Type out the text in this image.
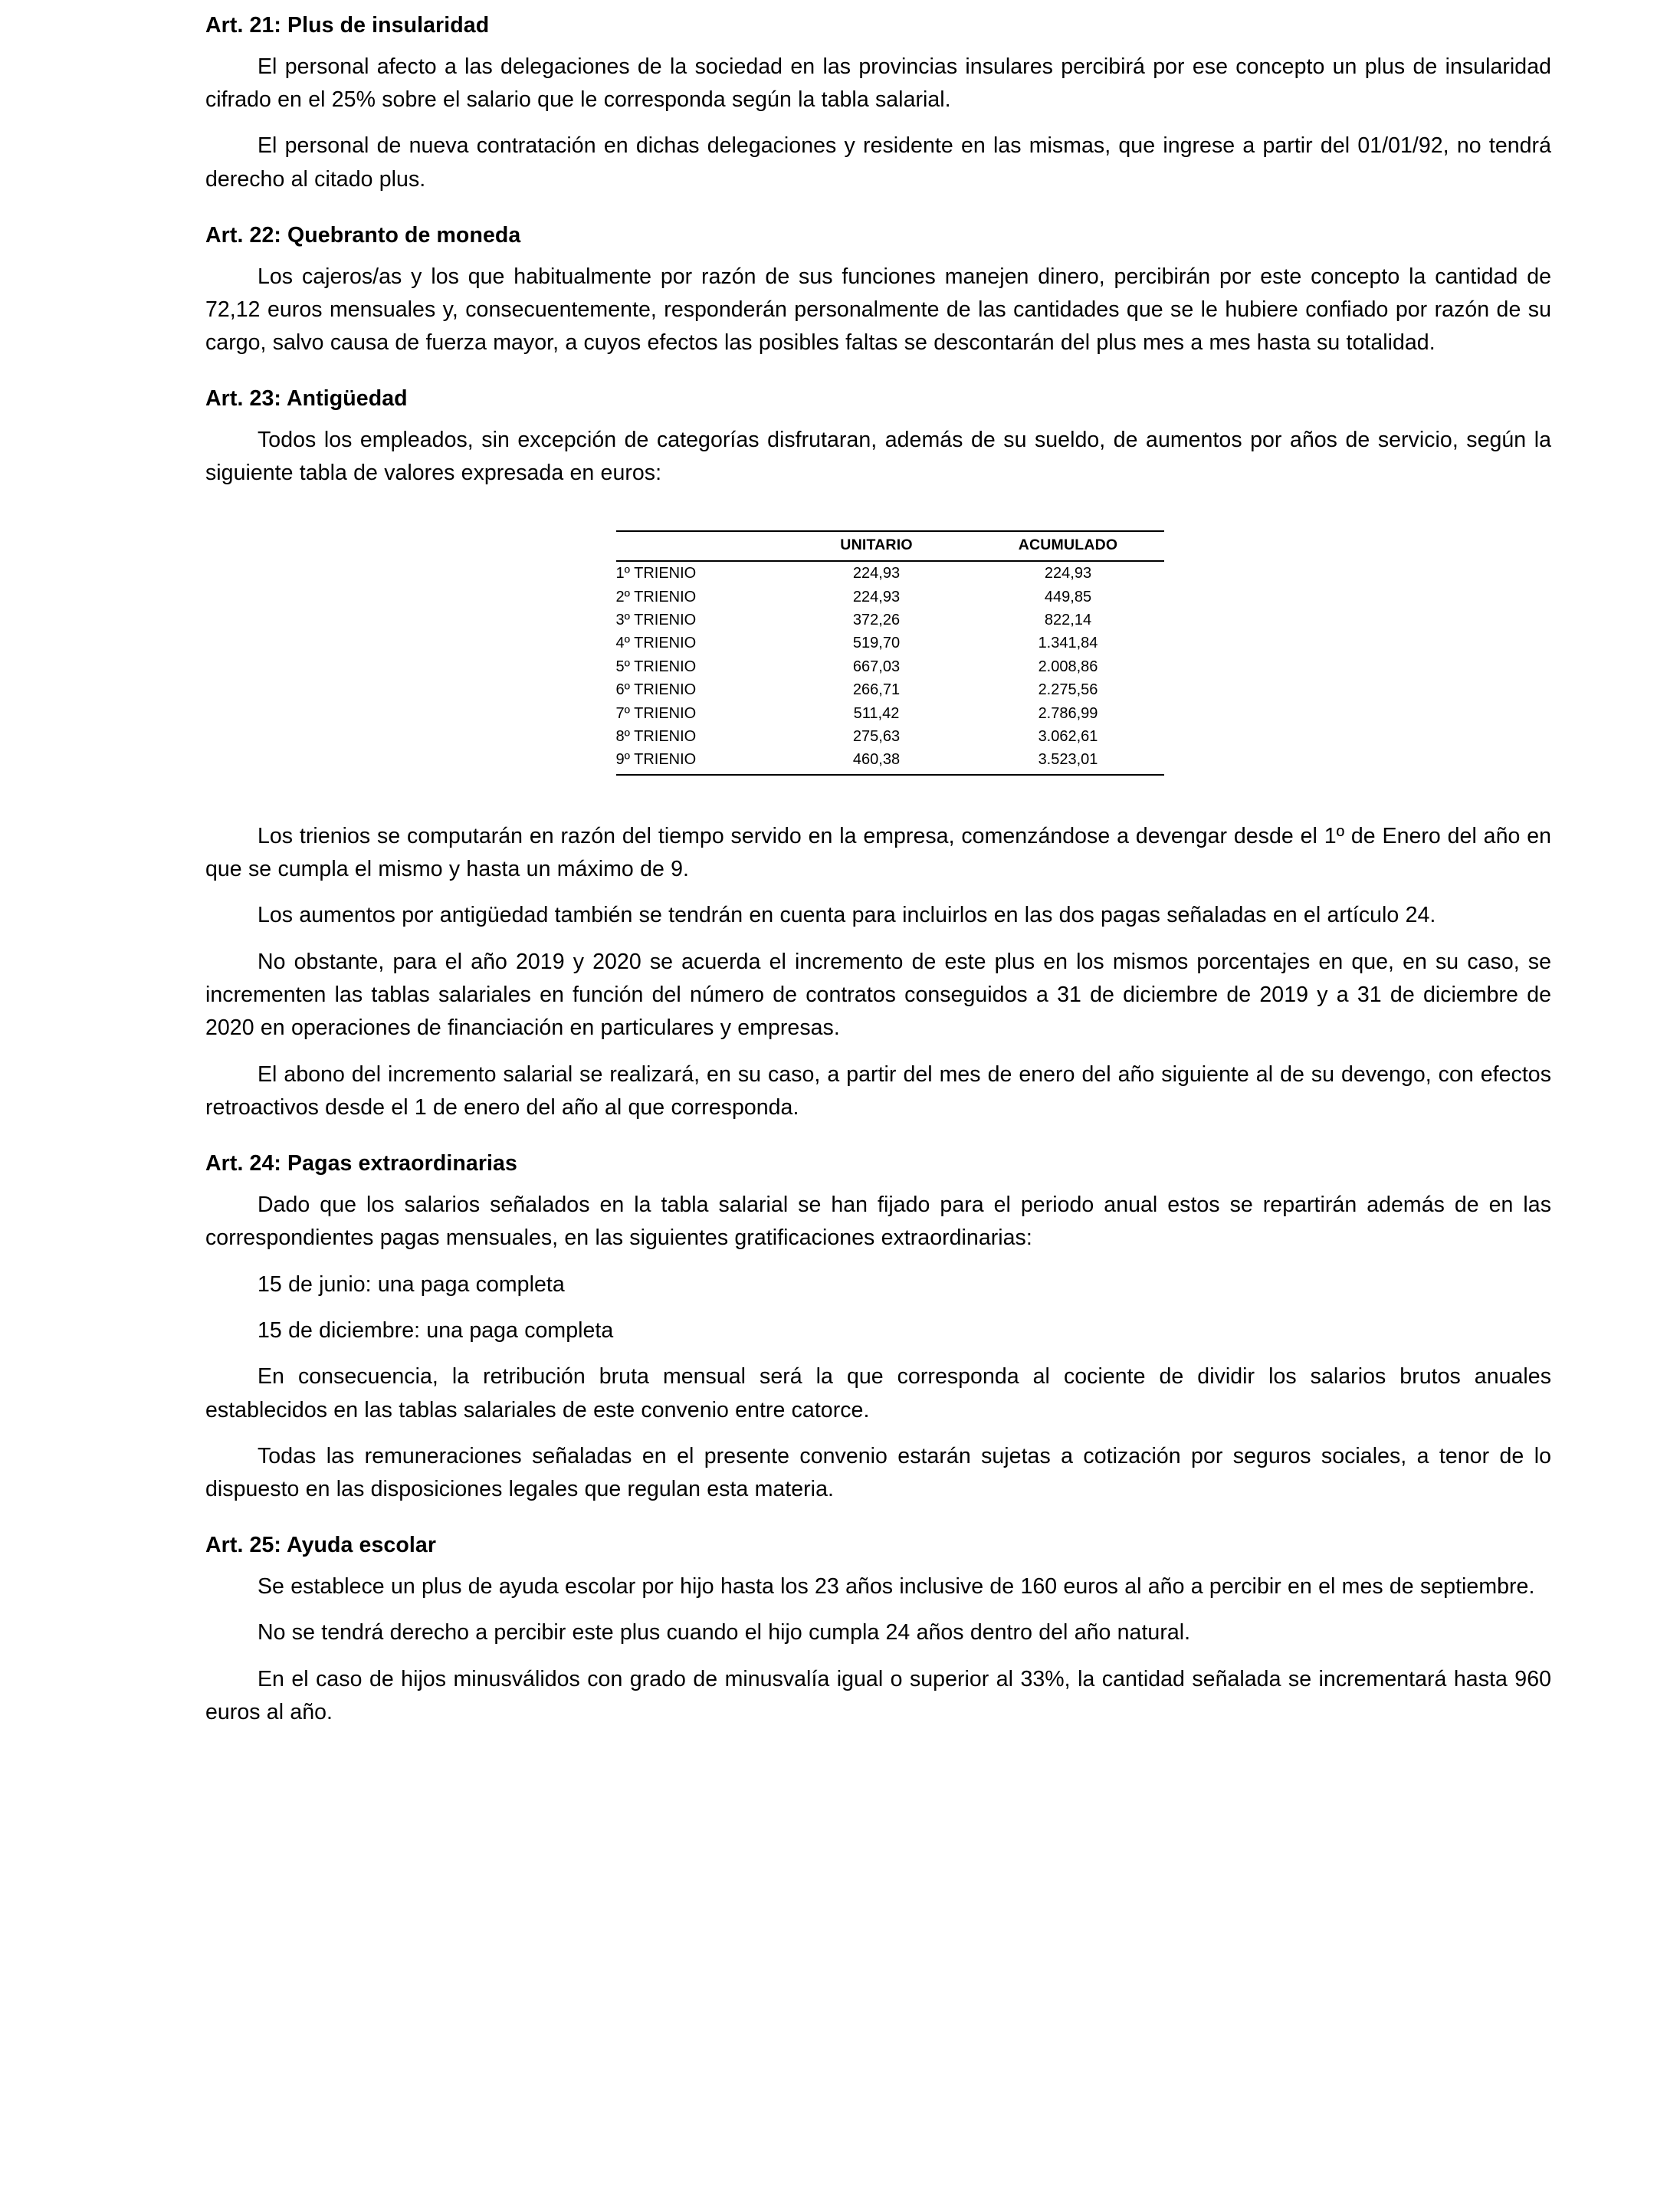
Art. 21: Plus de insularidad

El personal afecto a las delegaciones de la sociedad en las provincias insulares percibirá por ese concepto un plus de insularidad cifrado en el 25% sobre el salario que le corresponda según la tabla salarial.

El personal de nueva contratación en dichas delegaciones y residente en las mismas, que ingrese a partir del 01/01/92, no tendrá derecho al citado plus.

Art. 22: Quebranto de moneda

Los cajeros/as y los que habitualmente por razón de sus funciones manejen dinero, percibirán por este concepto la cantidad de 72,12 euros mensuales y, consecuentemente, responderán personalmente de las cantidades que se le hubiere confiado por razón de su cargo, salvo causa de fuerza mayor, a cuyos efectos las posibles faltas se descontarán del plus mes a mes hasta su totalidad.

Art. 23: Antigüedad

Todos los empleados, sin excepción de categorías disfrutaran, además de su sueldo, de aumentos por años de servicio, según la siguiente tabla de valores expresada en euros:

	UNITARIO	ACUMULADO
1º TRIENIO	224,93	224,93
2º TRIENIO	224,93	449,85
3º TRIENIO	372,26	822,14
4º TRIENIO	519,70	1.341,84
5º TRIENIO	667,03	2.008,86
6º TRIENIO	266,71	2.275,56
7º TRIENIO	511,42	2.786,99
8º TRIENIO	275,63	3.062,61
9º TRIENIO	460,38	3.523,01

Los trienios se computarán en razón del tiempo servido en la empresa, comenzándose a devengar desde el 1º de Enero del año en que se cumpla el mismo y hasta un máximo de 9.

Los aumentos por antigüedad también se tendrán en cuenta para incluirlos en las dos pagas señaladas en el artículo 24.

No obstante, para el año 2019 y 2020 se acuerda el incremento de este plus en los mismos porcentajes en que, en su caso, se incrementen las tablas salariales en función del número de contratos conseguidos a 31 de diciembre de 2019 y a 31 de diciembre de 2020 en operaciones de financiación en particulares y empresas.

El abono del incremento salarial se realizará, en su caso, a partir del mes de enero del año siguiente al de su devengo, con efectos retroactivos desde el 1 de enero del año al que corresponda.

Art. 24: Pagas extraordinarias

Dado que los salarios señalados en la tabla salarial se han fijado para el periodo anual estos se repartirán además de en las correspondientes pagas mensuales, en las siguientes gratificaciones extraordinarias:

15 de junio: una paga completa

15 de diciembre: una paga completa

En consecuencia, la retribución bruta mensual será la que corresponda al cociente de dividir los salarios brutos anuales establecidos en las tablas salariales de este convenio entre catorce.

Todas las remuneraciones señaladas en el presente convenio estarán sujetas a cotización por seguros sociales, a tenor de lo dispuesto en las disposiciones legales que regulan esta materia.

Art. 25: Ayuda escolar

Se establece un plus de ayuda escolar por hijo hasta los 23 años inclusive de 160 euros al año a percibir en el mes de septiembre.

No se tendrá derecho a percibir este plus cuando el hijo cumpla 24 años dentro del año natural.

En el caso de hijos minusválidos con grado de minusvalía igual o superior al 33%, la cantidad señalada se incrementará hasta 960 euros al año.
